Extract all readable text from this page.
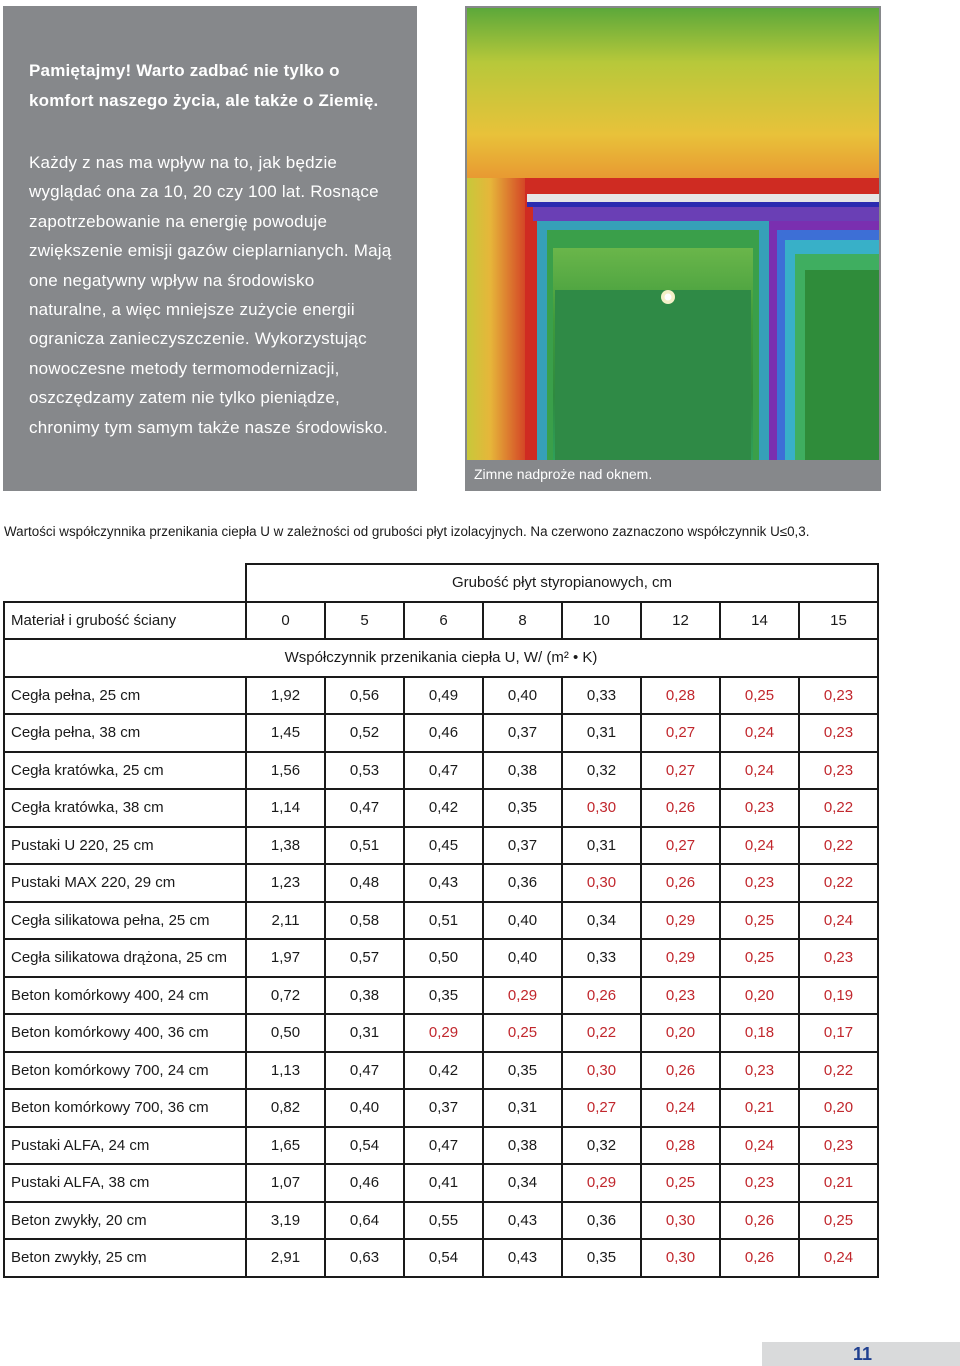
Pamiętajmy! Warto zadbać nie tylko o komfort naszego życia, ale także o Ziemię.

Każdy z nas ma wpływ na to, jak będzie wyglądać ona za 10, 20 czy 100 lat. Rosnące zapotrzebowanie na energię powoduje zwiększenie emisji gazów cieplarnianych. Mają one negatywny wpływ na środowisko naturalne, a więc mniejsze zużycie energii ogranicza zanieczyszczenie. Wykorzystując nowoczesne metody termomodernizacji, oszczędzamy zatem nie tylko pieniądze, chronimy tym samym także nasze środowisko.

Zimne nadproże nad oknem.
Wartości współczynnika przenikania ciepła U w zależności od grubości płyt izolacyjnych. Na czerwono zaznaczono współczynnik U≤0,3.
	Grubość płyt styropianowych, cm							
Materiał i grubość ściany	0	5	6	8	10	12	14	15
Współczynnik przenikania ciepła U, W/ (m² • K)								
Cegła pełna, 25 cm	1,92	0,56	0,49	0,40	0,33	0,28	0,25	0,23
Cegła pełna, 38 cm	1,45	0,52	0,46	0,37	0,31	0,27	0,24	0,23
Cegła kratówka, 25 cm	1,56	0,53	0,47	0,38	0,32	0,27	0,24	0,23
Cegła kratówka, 38 cm	1,14	0,47	0,42	0,35	0,30	0,26	0,23	0,22
Pustaki U 220, 25 cm	1,38	0,51	0,45	0,37	0,31	0,27	0,24	0,22
Pustaki MAX 220, 29 cm	1,23	0,48	0,43	0,36	0,30	0,26	0,23	0,22
Cegła silikatowa pełna, 25 cm	2,11	0,58	0,51	0,40	0,34	0,29	0,25	0,24
Cegła silikatowa drążona, 25 cm	1,97	0,57	0,50	0,40	0,33	0,29	0,25	0,23
Beton komórkowy 400, 24 cm	0,72	0,38	0,35	0,29	0,26	0,23	0,20	0,19
Beton komórkowy 400, 36 cm	0,50	0,31	0,29	0,25	0,22	0,20	0,18	0,17
Beton komórkowy 700, 24 cm	1,13	0,47	0,42	0,35	0,30	0,26	0,23	0,22
Beton komórkowy 700, 36 cm	0,82	0,40	0,37	0,31	0,27	0,24	0,21	0,20
Pustaki ALFA, 24 cm	1,65	0,54	0,47	0,38	0,32	0,28	0,24	0,23
Pustaki ALFA, 38 cm	1,07	0,46	0,41	0,34	0,29	0,25	0,23	0,21
Beton zwykły, 20 cm	3,19	0,64	0,55	0,43	0,36	0,30	0,26	0,25
Beton zwykły, 25 cm	2,91	0,63	0,54	0,43	0,35	0,30	0,26	0,24
11
